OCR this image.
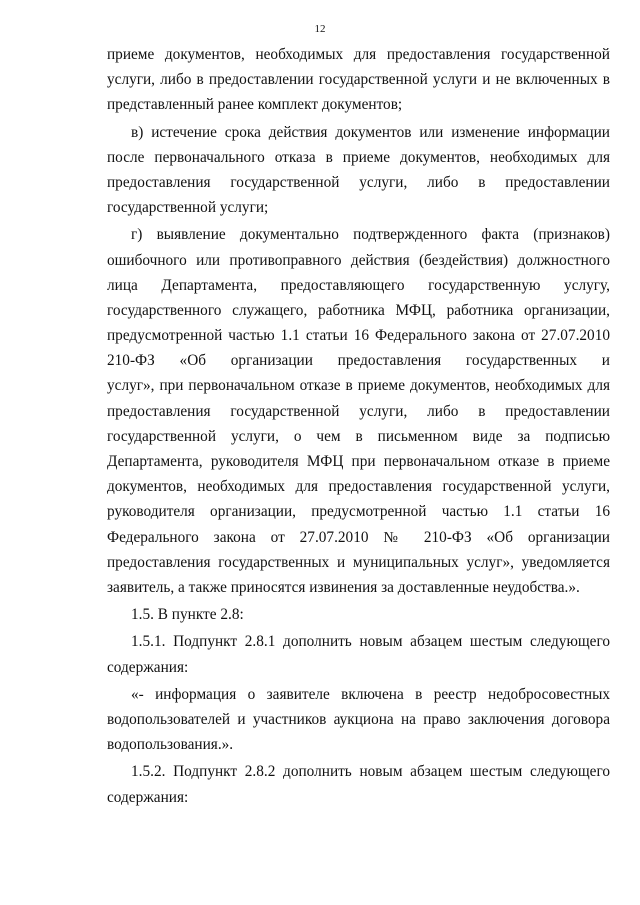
12
приеме документов, необходимых для предоставления государственной
услуги, либо в предоставлении государственной услуги и не включенных в
представленный ранее комплект документов;
в) истечение срока действия документов или изменение информации
после первоначального отказа в приеме документов, необходимых для
предоставления государственной услуги, либо в предоставлении
государственной услуги;
г) выявление документально подтвержденного факта (признаков)
ошибочного или противоправного действия (бездействия) должностного
лица Департамента, предоставляющего государственную услугу,
государственного служащего, работника МФЦ, работника организации,
предусмотренной частью 1.1 статьи 16 Федерального закона от 27.07.2010
210-ФЗ «Об организации предоставления государственных и
услуг», при первоначальном отказе в приеме документов, необходимых для
предоставления государственной услуги, либо в предоставлении
государственной услуги, о чем в письменном виде за подписью
Департамента, руководителя МФЦ при первоначальном отказе в приеме
документов, необходимых для предоставления государственной услуги,
руководителя организации, предусмотренной частью 1.1 статьи 16
Федерального закона от 27.07.2010 № 210-ФЗ «Об организации
предоставления государственных и муниципальных услуг», уведомляется
заявитель, а также приносятся извинения за доставленные неудобства.».
1.5. В пункте 2.8:
1.5.1. Подпункт 2.8.1 дополнить новым абзацем шестым следующего
содержания:
«- информация о заявителе включена в реестр недобросовестных
водопользователей и участников аукциона на право заключения договора
водопользования.».
1.5.2. Подпункт 2.8.2 дополнить новым абзацем шестым следующего
содержания:
